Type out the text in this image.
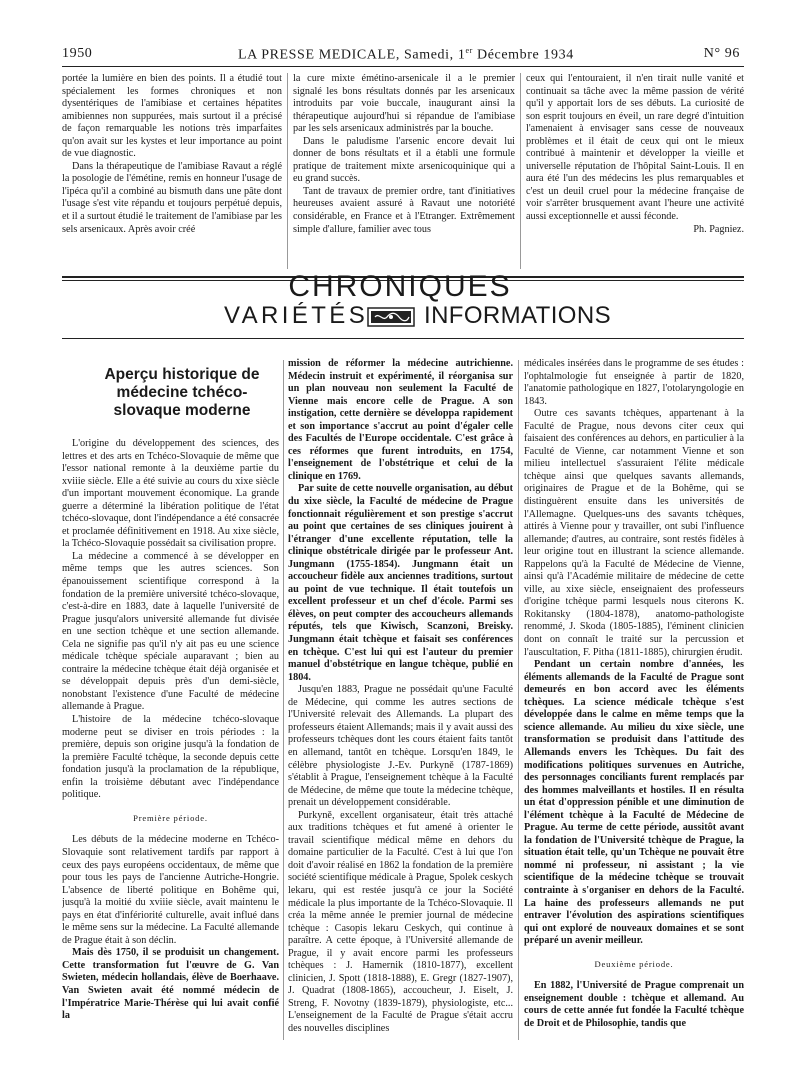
1950	LA PRESSE MEDICALE, Samedi, 1er Décembre 1934	N° 96

portée la lumière en bien des points. Il a étudié tout spécialement les formes chroniques et non dysentériques de l'amibiase et certaines hépatites amibiennes non suppurées, mais surtout il a précisé de façon remarquable les notions très imparfaites qu'on avait sur les kystes et leur importance au point de vue diagnostic.

Dans la thérapeutique de l'amibiase Ravaut a réglé la posologie de l'émétine, remis en honneur l'usage de l'ipéca qu'il a combiné au bismuth dans une pâte dont l'usage s'est vite répandu et toujours perpétué depuis, et il a surtout étudié le traitement de l'amibiase par les sels arsenicaux. Après avoir créé

la cure mixte émétino-arsenicale il a le premier signalé les bons résultats donnés par les arsenicaux introduits par voie buccale, inaugurant ainsi la thérapeutique aujourd'hui si répandue de l'amibiase par les sels arsenicaux administrés par la bouche.

Dans le paludisme l'arsenic encore devait lui donner de bons résultats et il a établi une formule pratique de traitement mixte arsenicoquinique qui a eu grand succès.

Tant de travaux de premier ordre, tant d'initiatives heureuses avaient assuré à Ravaut une notoriété considérable, en France et à l'Etranger. Extrêmement simple d'allure, familier avec tous

ceux qui l'entouraient, il n'en tirait nulle vanité et continuait sa tâche avec la même passion de vérité qu'il y apportait lors de ses débuts. La curiosité de son esprit toujours en éveil, un rare degré d'intuition l'amenaient à envisager sans cesse de nouveaux problèmes et il était de ceux qui ont le mieux contribué à maintenir et développer la vieille et universelle réputation de l'hôpital Saint-Louis. Il en aura été l'un des médecins les plus remarquables et c'est un deuil cruel pour la médecine française de voir s'arrêter brusquement avant l'heure une activité aussi exceptionnelle et aussi féconde.

Ph. Pagniez.

CHRONIQUES
VARIÉTÉS INFORMATIONS
Aperçu historique de médecine tchéco-slovaque moderne

L'origine du développement des sciences, des lettres et des arts en Tchéco-Slovaquie de même que l'essor national remonte à la deuxième partie du xviiie siècle. Elle a été suivie au cours du xixe siècle d'un important mouvement économique. La grande guerre a déterminé la libération politique de l'état tchéco-slovaque, dont l'indépendance a été consacrée et proclamée définitivement en 1918. Au xixe siècle, la Tchéco-Slovaquie possédait sa civilisation propre.

La médecine a commencé à se développer en même temps que les autres sciences. Son épanouissement scientifique correspond à la fondation de la première université tchéco-slovaque, c'est-à-dire en 1883, date à laquelle l'université de Prague jusqu'alors université allemande fut divisée en une section tchèque et une section allemande. Cela ne signifie pas qu'il n'y ait pas eu une science médicale tchèque spéciale auparavant ; bien au contraire la médecine tchèque était déjà organisée et se développait depuis près d'un demi-siècle, nonobstant l'existence d'une Faculté de médecine allemande à Prague.

L'histoire de la médecine tchéco-slovaque moderne peut se diviser en trois périodes : la première, depuis son origine jusqu'à la fondation de la première Faculté tchèque, la seconde depuis cette fondation jusqu'à la proclamation de la république, enfin la troisième débutant avec l'indépendance politique.

Première période.

Les débuts de la médecine moderne en Tchéco-Slovaquie sont relativement tardifs par rapport à ceux des pays européens occidentaux, de même que pour tous les pays de l'ancienne Autriche-Hongrie. L'absence de liberté politique en Bohême qui, jusqu'à la moitié du xviiie siècle, avait maintenu le pays en état d'infériorité culturelle, avait influé dans le même sens sur la médecine. La Faculté allemande de Prague était à son déclin.

Mais dès 1750, il se produisit un changement. Cette transformation fut l'œuvre de G. Van Swieten, médecin hollandais, élève de Boerhaave. Van Swieten avait été nommé médecin de l'Impératrice Marie-Thérèse qui lui avait confié la

mission de réformer la médecine autrichienne. Médecin instruit et expérimenté, il réorganisa sur un plan nouveau non seulement la Faculté de Vienne mais encore celle de Prague. A son instigation, cette dernière se développa rapidement et son importance s'accrut au point d'égaler celle des Facultés de l'Europe occidentale. C'est grâce à ces réformes que furent introduits, en 1754, l'enseignement de l'obstétrique et celui de la clinique en 1769.

Par suite de cette nouvelle organisation, au début du xixe siècle, la Faculté de médecine de Prague fonctionnait régulièrement et son prestige s'accrut au point que certaines de ses cliniques jouirent à l'étranger d'une excellente réputation, telle la clinique obstétricale dirigée par le professeur Ant. Jungmann (1755-1854). Jungmann était un accoucheur fidèle aux anciennes traditions, surtout au point de vue technique. Il était toutefois un excellent professeur et un chef d'école. Parmi ses élèves, on peut compter des accoucheurs allemands réputés, tels que Kiwisch, Scanzoni, Breisky. Jungmann était tchèque et faisait ses conférences en tchèque. C'est lui qui est l'auteur du premier manuel d'obstétrique en langue tchèque, publié en 1804.

Jusqu'en 1883, Prague ne possédait qu'une Faculté de Médecine, qui comme les autres sections de l'Université relevait des Allemands. La plupart des professeurs étaient Allemands; mais il y avait aussi des professeurs tchèques dont les cours étaient faits tantôt en allemand, tantôt en tchèque. Lorsqu'en 1849, le célèbre physiologiste J.-Ev. Purkyně (1787-1869) s'établit à Prague, l'enseignement tchèque à la Faculté de Médecine, de même que toute la médecine tchèque, prenait un développement considérable.

Purkyně, excellent organisateur, était très attaché aux traditions tchèques et fut amené à orienter le travail scientifique médical même en dehors du domaine particulier de la Faculté. C'est à lui que l'on doit d'avoir réalisé en 1862 la fondation de la première société scientifique médicale à Prague, Spolek ceskych lekaru, qui est restée jusqu'à ce jour la Société médicale la plus importante de la Tchéco-Slovaquie. Il créa la même année le premier journal de médecine tchèque : Casopis lekaru Ceskych, qui continue à paraître. A cette époque, à l'Université allemande de Prague, il y avait encore parmi les professeurs tchèques : J. Hamernik (1810-1877), excellent clinicien, J. Spott (1818-1888), E. Gregr (1827-1907), J. Quadrat (1808-1865), accoucheur, J. Eiselt, J. Streng, F. Novotny (1839-1879), physiologiste, etc... L'enseignement de la Faculté de Prague s'était accru des nouvelles disciplines

médicales insérées dans le programme de ses études : l'ophtalmologie fut enseignée à partir de 1820, l'anatomie pathologique en 1827, l'otolaryngologie en 1843.

Outre ces savants tchèques, appartenant à la Faculté de Prague, nous devons citer ceux qui faisaient des conférences au dehors, en particulier à la Faculté de Vienne, car notamment Vienne et son milieu intellectuel s'assuraient l'élite médicale tchèque ainsi que quelques savants allemands, originaires de Prague et de la Bohême, qui se distinguèrent ensuite dans les universités de l'Allemagne. Quelques-uns des savants tchèques, attirés à Vienne pour y travailler, ont subi l'influence allemande; d'autres, au contraire, sont restés fidèles à leur origine tout en illustrant la science allemande. Rappelons qu'à la Faculté de Médecine de Vienne, ainsi qu'à l'Académie militaire de médecine de cette ville, au xixe siècle, enseignaient des professeurs d'origine tchèque parmi lesquels nous citerons K. Rokitansky (1804-1878), anatomo-pathologiste renommé, J. Skoda (1805-1885), l'éminent clinicien dont on connaît le traité sur la percussion et l'auscultation, F. Pitha (1811-1885), chirurgien érudit.

Pendant un certain nombre d'années, les éléments allemands de la Faculté de Prague sont demeurés en bon accord avec les éléments tchèques. La science médicale tchèque s'est développée dans le calme en même temps que la science allemande. Au milieu du xixe siècle, une transformation se produisit dans l'attitude des Allemands envers les Tchèques. Du fait des modifications politiques survenues en Autriche, des personnages conciliants furent remplacés par des hommes malveillants et hostiles. Il en résulta un état d'oppression pénible et une diminution de l'élément tchèque à la Faculté de Médecine de Prague. Au terme de cette période, aussitôt avant la fondation de l'Université tchèque de Prague, la situation était telle, qu'un Tchèque ne pouvait être nommé ni professeur, ni assistant ; la vie scientifique de la médecine tchèque se trouvait contrainte à s'organiser en dehors de la Faculté. La haine des professeurs allemands ne put entraver l'évolution des aspirations scientifiques qui ont exploré de nouveaux domaines et se sont préparé un avenir meilleur.

Deuxième période.

En 1882, l'Université de Prague comprenait un enseignement double : tchèque et allemand. Au cours de cette année fut fondée la Faculté tchèque de Droit et de Philosophie, tandis que
